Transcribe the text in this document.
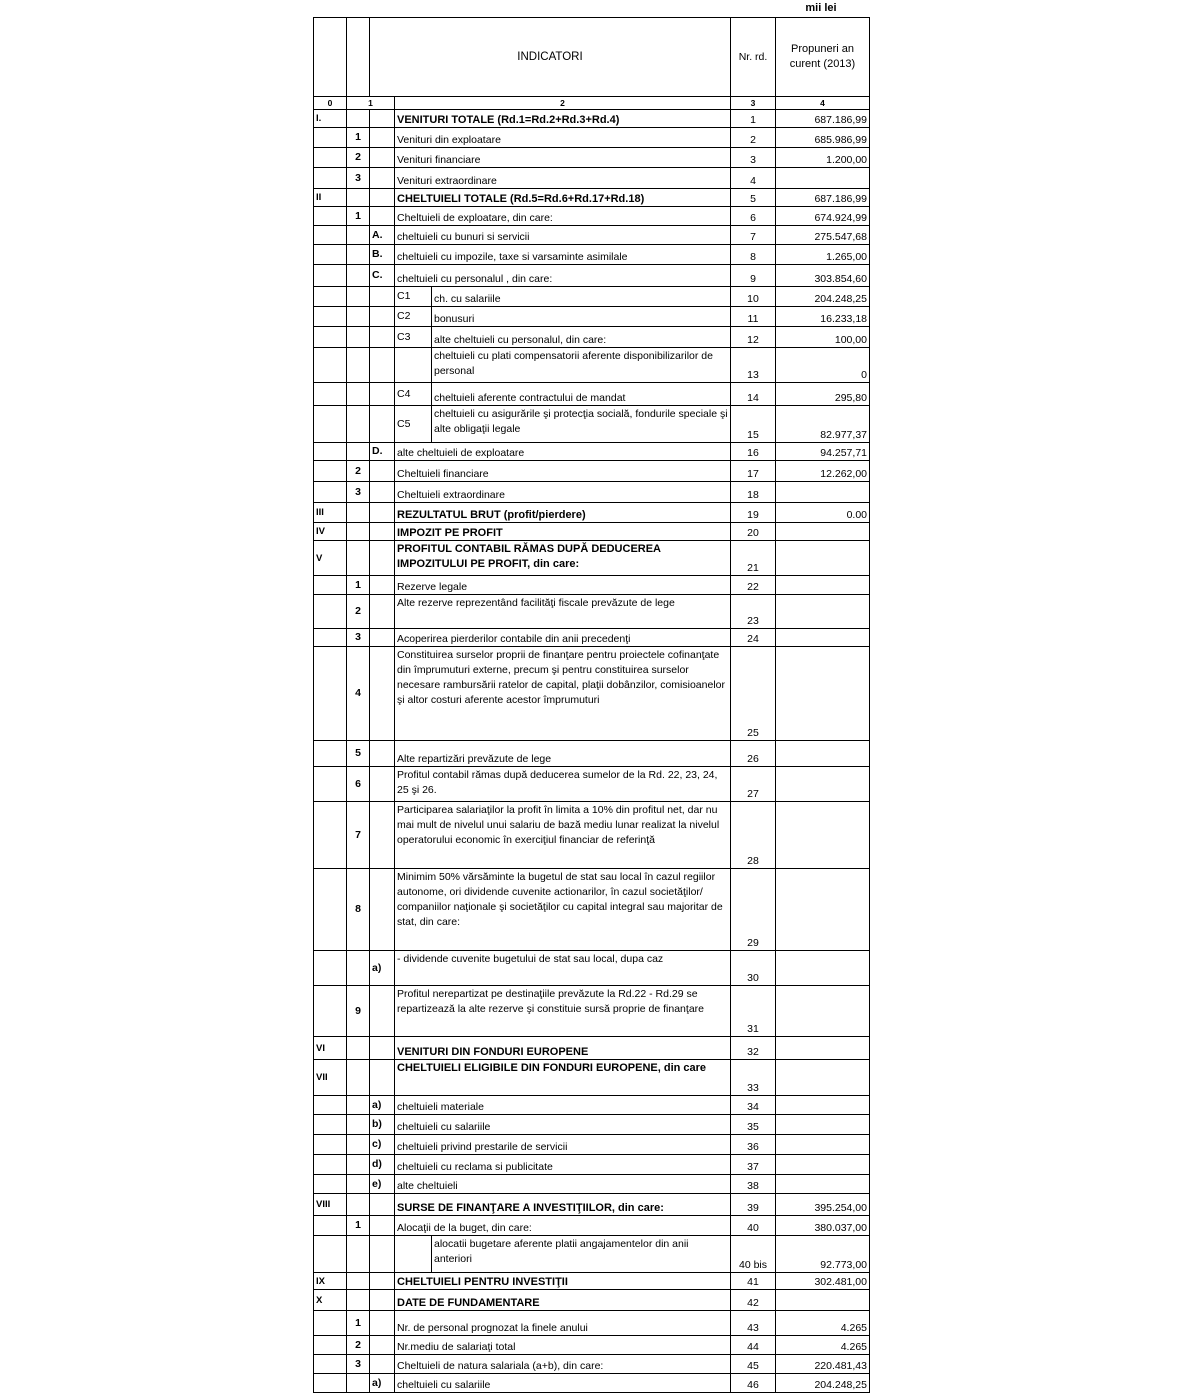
mii lei
		INDICATORI			Nr. rd.	Propuneri an curent (2013)
0	1		2		3	4
I.			VENITURI TOTALE (Rd.1=Rd.2+Rd.3+Rd.4)		1	687.186,99
	1		Venituri din exploatare		2	685.986,99
	2		Venituri financiare		3	1.200,00
	3		Venituri extraordinare		4	
II			CHELTUIELI TOTALE (Rd.5=Rd.6+Rd.17+Rd.18)		5	687.186,99
	1		Cheltuieli de exploatare, din care:		6	674.924,99
		A.	cheltuieli cu bunuri si servicii		7	275.547,68
		B.	cheltuieli cu impozile, taxe si varsaminte asimilale		8	1.265,00
		C.	cheltuieli cu personalul , din care:		9	303.854,60
			C1	ch. cu salariile	10	204.248,25
			C2	bonusuri	11	16.233,18
			C3	alte cheltuieli cu personalul, din care:	12	100,00
				cheltuieli cu plati compensatorii aferente disponibilizarilor de personal	13	0
			C4	cheltuieli aferente contractului de mandat	14	295,80
			C5	cheltuieli cu asigurările şi protecţia socială, fondurile speciale şi alte obligaţii legale	15	82.977,37
		D.	alte cheltuieli de exploatare		16	94.257,71
	2		Cheltuieli financiare		17	12.262,00
	3		Cheltuieli extraordinare		18	
III			REZULTATUL BRUT (profit/pierdere)		19	0.00
IV			IMPOZIT PE PROFIT		20	
V			PROFITUL CONTABIL RĂMAS DUPĂ DEDUCEREA IMPOZITULUI PE PROFIT, din care:		21	
	1		Rezerve legale		22	
	2		Alte rezerve reprezentând facilităţi fiscale prevăzute de lege		23	
	3		Acoperirea pierderilor contabile din anii precedenţi		24	
	4		Constituirea surselor proprii de finanţare pentru proiectele cofinanţate din împrumuturi externe, precum şi pentru constituirea surselor necesare rambursării ratelor de capital, plaţii dobânzilor, comisioanelor şi altor costuri aferente acestor împrumuturi		25	
	5		Alte repartizări prevăzute de lege		26	
	6		Profitul contabil rămas după deducerea sumelor de la Rd. 22, 23, 24, 25 şi 26.		27	
	7		Participarea salariaţilor la profit în limita a 10% din profitul net, dar nu mai mult de nivelul unui salariu de bază mediu lunar realizat la nivelul operatorului economic în exerciţiul financiar de referinţă		28	
	8		Minimim 50% vărsăminte la bugetul de stat sau local în cazul regiilor autonome, ori dividende cuvenite actionarilor, în cazul societăţilor/ companiilor naţionale şi societăţilor cu capital integral sau majoritar de stat, din care:		29	
		a)	- dividende cuvenite bugetului de stat sau local, dupa caz		30	
	9		Profitul nerepartizat pe destinaţiile prevăzute la Rd.22 - Rd.29 se repartizează la alte rezerve şi constituie sursă proprie de finanţare		31	
VI			VENITURI DIN FONDURI EUROPENE		32	
VII			CHELTUIELI ELIGIBILE DIN FONDURI EUROPENE, din care		33	
		a)	cheltuieli materiale		34	
		b)	cheltuieli cu salariile		35	
		c)	cheltuieli privind prestarile de servicii		36	
		d)	cheltuieli cu reclama si publicitate		37	
		e)	alte cheltuieli		38	
VIII			SURSE DE FINANŢARE A INVESTIŢIILOR, din care:		39	395.254,00
	1		Alocaţii de la buget, din care:		40	380.037,00
				alocatii bugetare aferente platii angajamentelor din anii anteriori	40 bis	92.773,00
IX			CHELTUIELI PENTRU INVESTIŢII		41	302.481,00
X			DATE DE FUNDAMENTARE		42	
	1		Nr. de personal prognozat la finele anului		43	4.265
	2		Nr.mediu de salariaţi total		44	4.265
	3		Cheltuieli de natura salariala (a+b), din care:		45	220.481,43
		a)	cheltuieli cu salariile		46	204.248,25
